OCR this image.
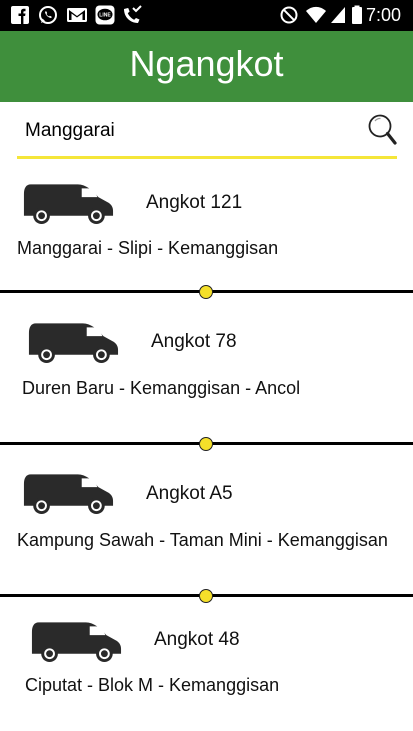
LINE	7:00
Ngangkot
Manggarai
Angkot 121
Manggarai - Slipi - Kemanggisan
Angkot 78
Duren Baru - Kemanggisan - Ancol
Angkot A5
Kampung Sawah - Taman Mini - Kemanggisan
Angkot 48
Ciputat - Blok M - Kemanggisan
